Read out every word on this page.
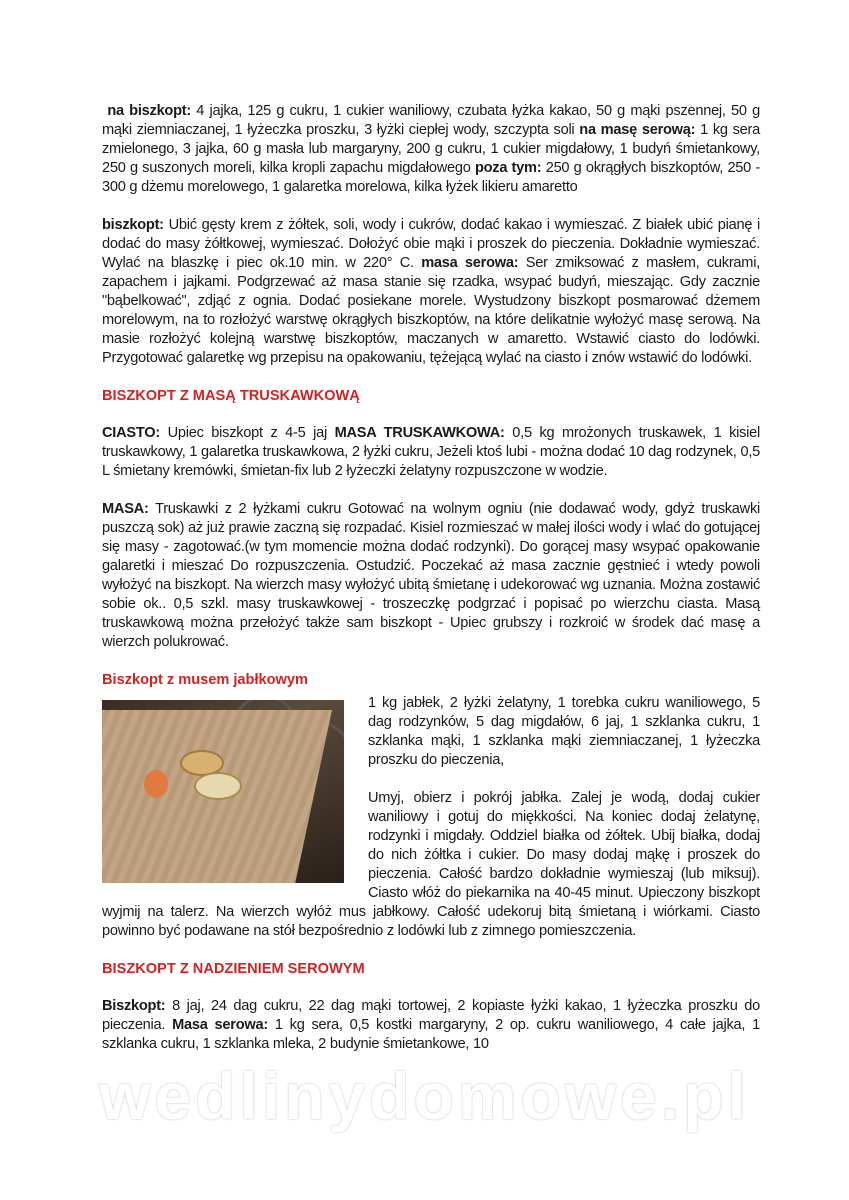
na biszkopt: 4 jajka, 125 g cukru, 1 cukier waniliowy, czubata łyżka kakao, 50 g mąki pszennej, 50 g mąki ziemniaczanej, 1 łyżeczka proszku, 3 łyżki ciepłej wody, szczypta soli na masę serową: 1 kg sera zmielonego, 3 jajka, 60 g masła lub margaryny, 200 g cukru, 1 cukier migdałowy, 1 budyń śmietankowy, 250 g suszonych moreli, kilka kropli zapachu migdałowego poza tym: 250 g okrągłych biszkoptów, 250 - 300 g dżemu morelowego, 1 galaretka morelowa, kilka łyżek likieru amaretto

biszkopt: Ubić gęsty krem z żółtek, soli, wody i cukrów, dodać kakao i wymieszać. Z białek ubić pianę i dodać do masy żółtkowej, wymieszać. Dołożyć obie mąki i proszek do pieczenia. Dokładnie wymieszać. Wylać na blaszkę i piec ok.10 min. w 220° C. masa serowa: Ser zmiksować z masłem, cukrami, zapachem i jajkami. Podgrzewać aż masa stanie się rzadka, wsypać budyń, mieszając. Gdy zacznie "bąbelkować", zdjąć z ognia. Dodać posiekane morele. Wystudzony biszkopt posmarować dżemem morelowym, na to rozłożyć warstwę okrągłych biszkoptów, na które delikatnie wyłożyć masę serową. Na masie rozłożyć kolejną warstwę biszkoptów, maczanych w amaretto. Wstawić ciasto do lodówki. Przygotować galaretkę wg przepisu na opakowaniu, tężejącą wylać na ciasto i znów wstawić do lodówki.

BISZKOPT Z MASĄ TRUSKAWKOWĄ

CIASTO: Upiec biszkopt z 4-5 jaj MASA TRUSKAWKOWA: 0,5 kg mrożonych truskawek, 1 kisiel truskawkowy, 1 galaretka truskawkowa, 2 łyżki cukru, Jeżeli ktoś lubi - można dodać 10 dag rodzynek, 0,5 L śmietany kremówki, śmietan-fix lub 2 łyżeczki żelatyny rozpuszczone w wodzie.

MASA: Truskawki z 2 łyżkami cukru Gotować na wolnym ogniu (nie dodawać wody, gdyż truskawki puszczą sok) aż już prawie zaczną się rozpadać. Kisiel rozmieszać w małej ilości wody i wlać do gotującej się masy - zagotować.(w tym momencie można dodać rodzynki). Do gorącej masy wsypać opakowanie galaretki i mieszać Do rozpuszczenia. Ostudzić. Poczekać aż masa zacznie gęstnieć i wtedy powoli wyłożyć na biszkopt. Na wierzch masy wyłożyć ubitą śmietanę i udekorować wg uznania. Można zostawić sobie ok.. 0,5 szkl. masy truskawkowej - troszeczkę podgrzać i popisać po wierzchu ciasta. Masą truskawkową można przełożyć także sam biszkopt - Upiec grubszy i rozkroić w środek dać masę a wierzch polukrować.

Biszkopt z musem jabłkowym

1 kg jabłek, 2 łyżki żelatyny, 1 torebka cukru waniliowego, 5 dag rodzynków, 5 dag migdałów, 6 jaj, 1 szklanka cukru, 1 szklanka mąki, 1 szklanka mąki ziemniaczanej, 1 łyżeczka proszku do pieczenia,

Umyj, obierz i pokrój jabłka. Zalej je wodą, dodaj cukier waniliowy i gotuj do miękkości. Na koniec dodaj żelatynę, rodzynki i migdały. Oddziel białka od żółtek. Ubij białka, dodaj do nich żółtka i cukier. Do masy dodaj mąkę i proszek do pieczenia. Całość bardzo dokładnie wymieszaj (lub miksuj). Ciasto włóż do piekarnika na 40-45 minut. Upieczony biszkopt wyjmij na talerz. Na wierzch wyłóż mus jabłkowy. Całość udekoruj bitą śmietaną i wiórkami. Ciasto powinno być podawane na stół bezpośrednio z lodówki lub z zimnego pomieszczenia.

BISZKOPT Z NADZIENIEM SEROWYM

Biszkopt: 8 jaj, 24 dag cukru, 22 dag mąki tortowej, 2 kopiaste łyżki kakao, 1 łyżeczka proszku do pieczenia. Masa serowa: 1 kg sera, 0,5 kostki margaryny, 2 op. cukru waniliowego, 4 całe jajka, 1 szklanka cukru, 1 szklanka mleka, 2 budynie śmietankowe, 10

wedlinydomowe.pl
